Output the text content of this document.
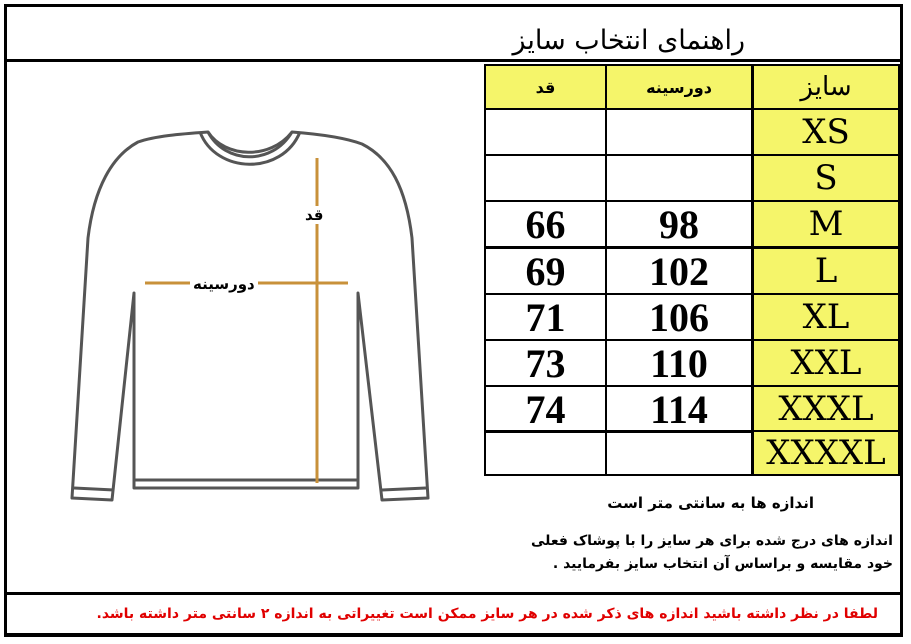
راهنمای انتخاب سایز
قد
دورسینه
قد	دورسینه	سایز
XS
S
66	98	M
69	102	L
71	106	XL
73	110	XXL
74	114	XXXL
XXXXL
اندازه ها به سانتی متر است
اندازه های درج شده برای هر سایز را با پوشاک فعلی
خود مقایسه و براساس آن انتخاب سایز بفرمایید .
لطفا در نظر داشته باشید اندازه های ذکر شده در هر سایز ممکن است تغییراتی به اندازه ۲ سانتی متر داشته باشد.
